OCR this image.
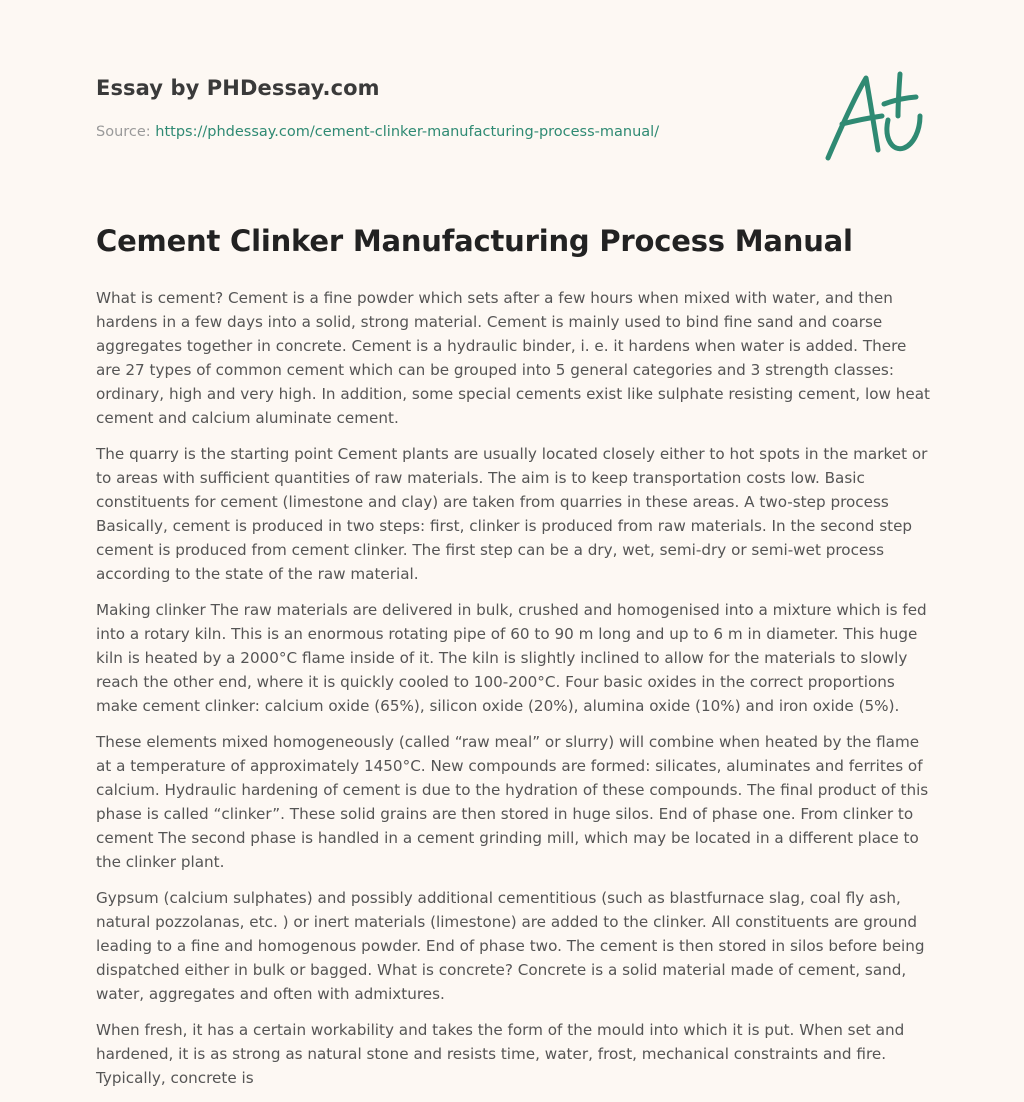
Essay by PHDessay.com
Source: https://phdessay.com/cement-clinker-manufacturing-process-manual/
Cement Clinker Manufacturing Process Manual

What is cement? Cement is a fine powder which sets after a few hours when mixed with water, and then hardens in a few days into a solid, strong material. Cement is mainly used to bind fine sand and coarse aggregates together in concrete. Cement is a hydraulic binder, i. e. it hardens when water is added. There are 27 types of common cement which can be grouped into 5 general categories and 3 strength classes: ordinary, high and very high. In addition, some special cements exist like sulphate resisting cement, low heat cement and calcium aluminate cement.

The quarry is the starting point Cement plants are usually located closely either to hot spots in the market or to areas with sufficient quantities of raw materials. The aim is to keep transportation costs low. Basic constituents for cement (limestone and clay) are taken from quarries in these areas. A two-step process Basically, cement is produced in two steps: first, clinker is produced from raw materials. In the second step cement is produced from cement clinker. The first step can be a dry, wet, semi-dry or semi-wet process according to the state of the raw material.

Making clinker The raw materials are delivered in bulk, crushed and homogenised into a mixture which is fed into a rotary kiln. This is an enormous rotating pipe of 60 to 90 m long and up to 6 m in diameter. This huge kiln is heated by a 2000°C flame inside of it. The kiln is slightly inclined to allow for the materials to slowly reach the other end, where it is quickly cooled to 100-200°C. Four basic oxides in the correct proportions make cement clinker: calcium oxide (65%), silicon oxide (20%), alumina oxide (10%) and iron oxide (5%).

These elements mixed homogeneously (called “raw meal” or slurry) will combine when heated by the flame at a temperature of approximately 1450°C. New compounds are formed: silicates, aluminates and ferrites of calcium. Hydraulic hardening of cement is due to the hydration of these compounds. The final product of this phase is called “clinker”. These solid grains are then stored in huge silos. End of phase one. From clinker to cement The second phase is handled in a cement grinding mill, which may be located in a different place to the clinker plant.

Gypsum (calcium sulphates) and possibly additional cementitious (such as blastfurnace slag, coal fly ash, natural pozzolanas, etc. ) or inert materials (limestone) are added to the clinker. All constituents are ground leading to a fine and homogenous powder. End of phase two. The cement is then stored in silos before being dispatched either in bulk or bagged. What is concrete? Concrete is a solid material made of cement, sand, water, aggregates and often with admixtures.

When fresh, it has a certain workability and takes the form of the mould into which it is put. When set and hardened, it is as strong as natural stone and resists time, water, frost, mechanical constraints and fire. Typically, concrete is
